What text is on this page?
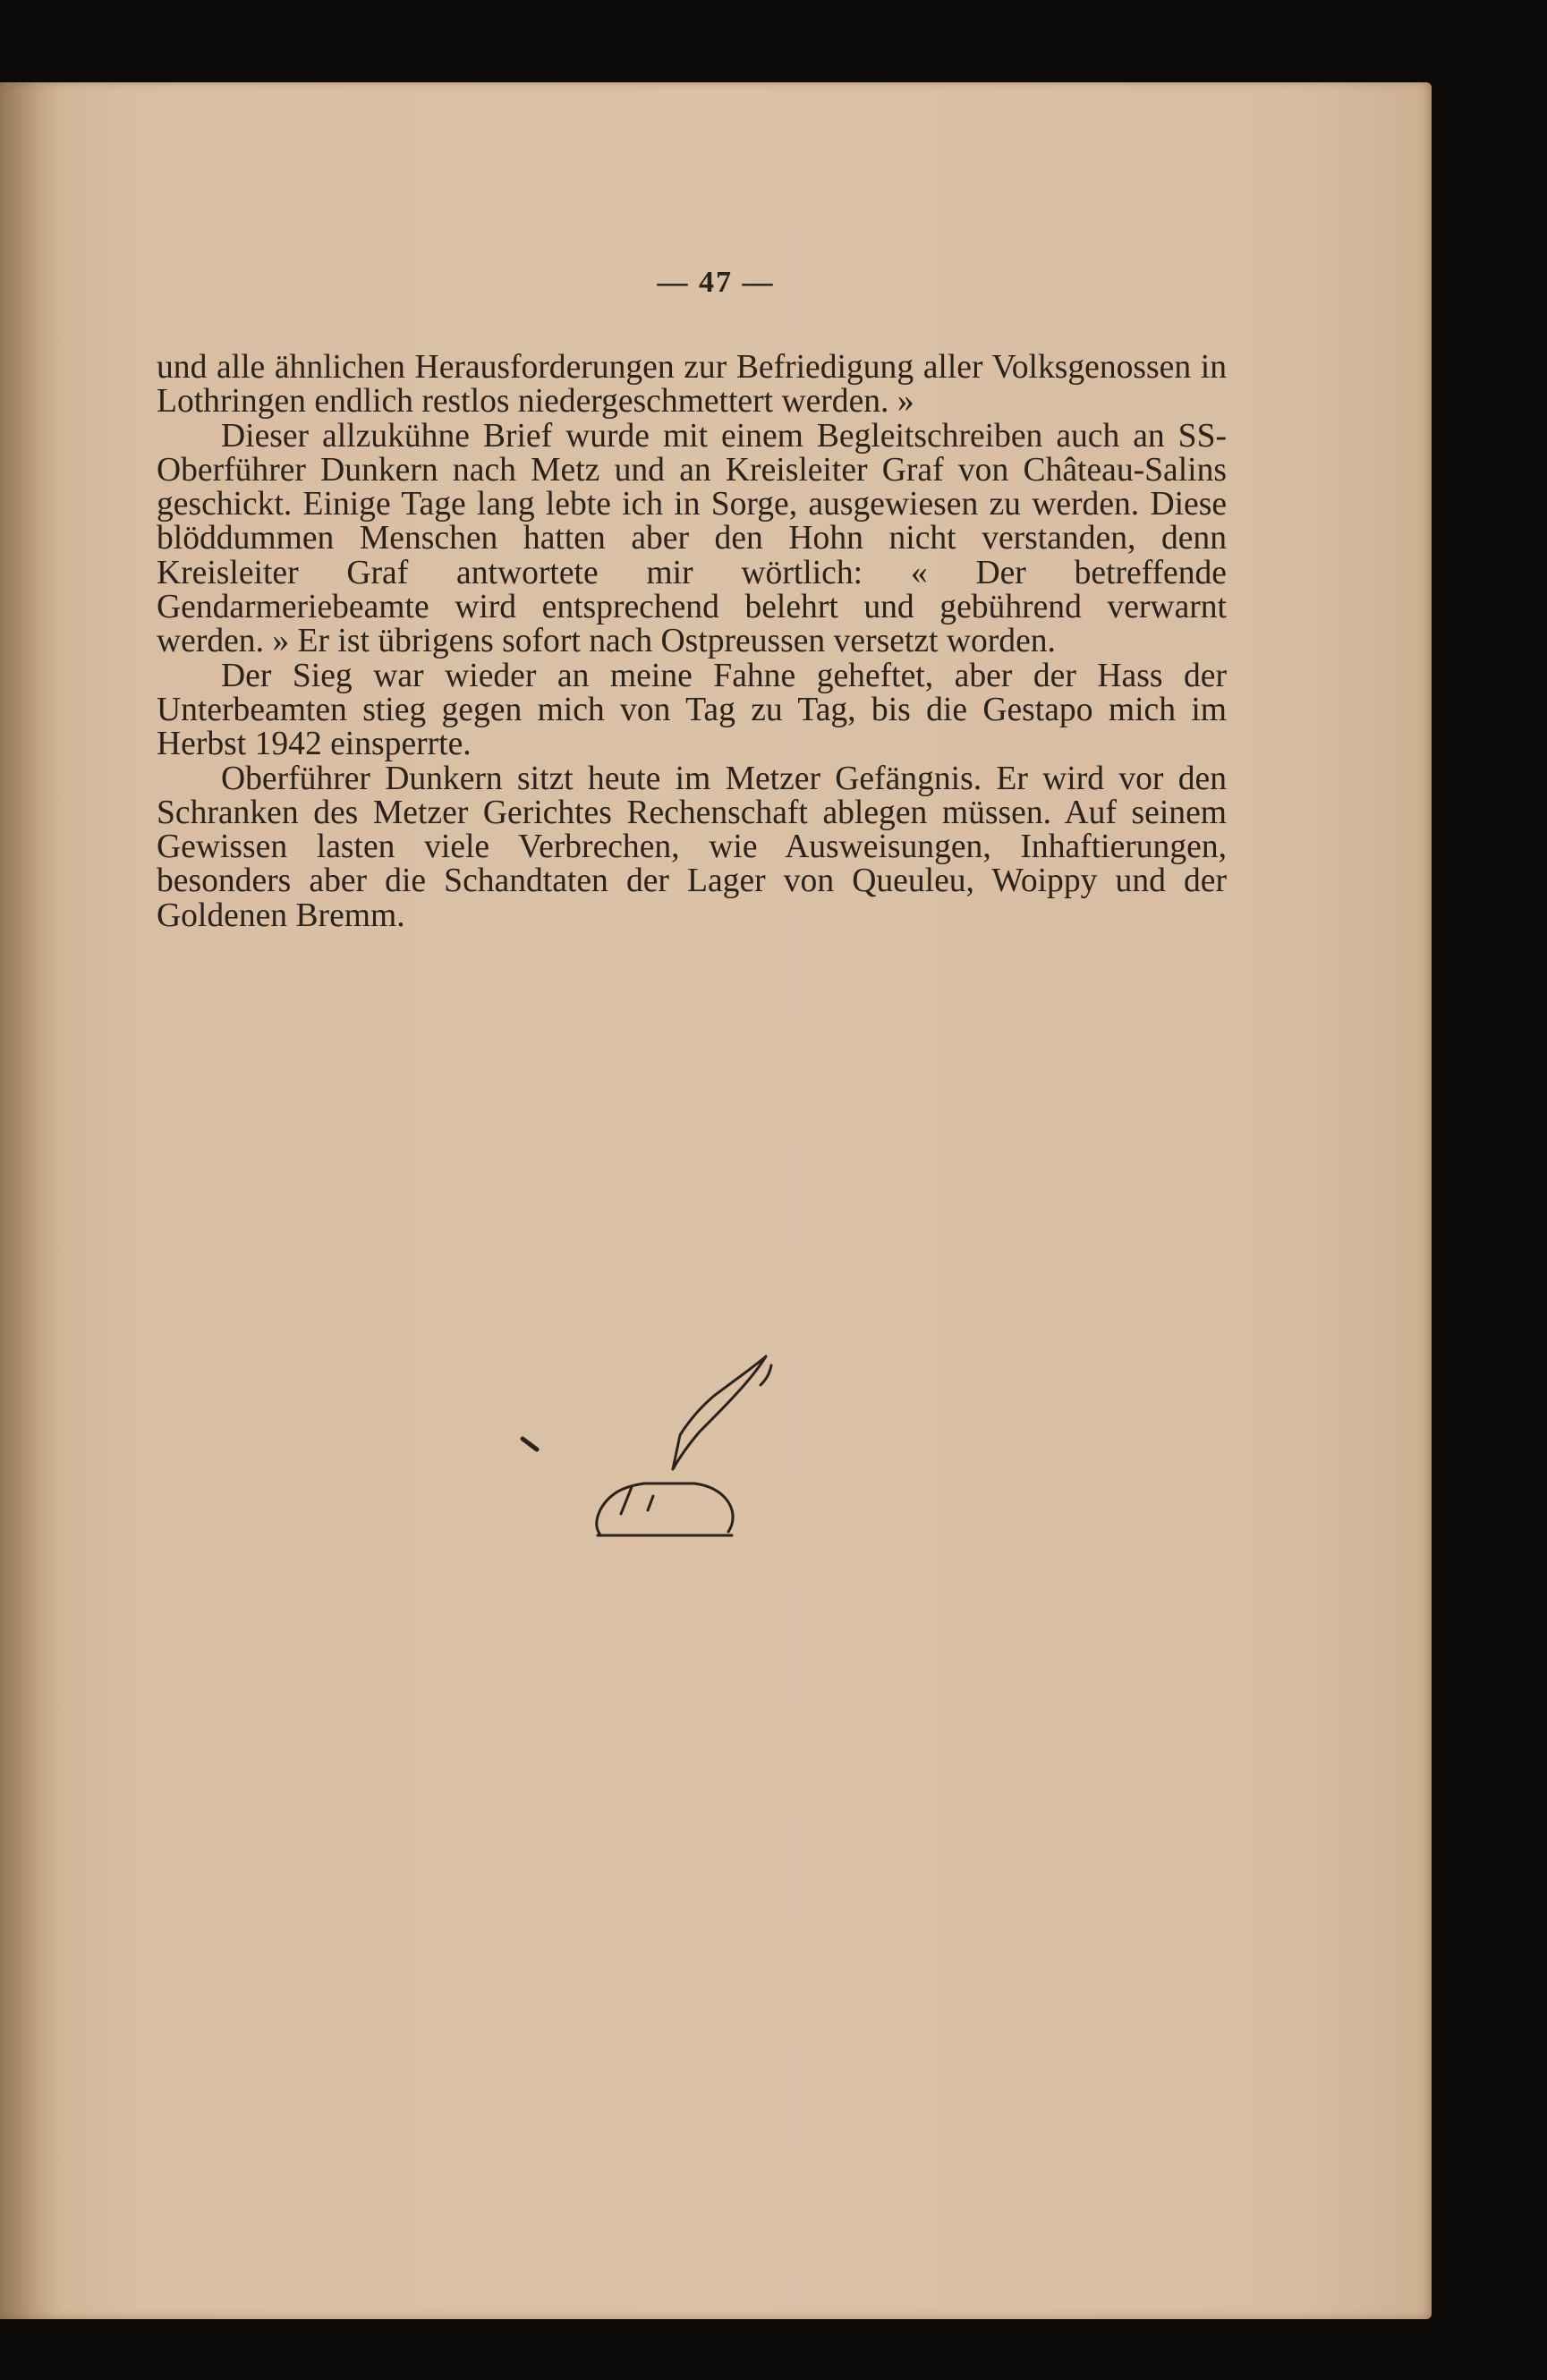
— 47 —

und alle ähnlichen Herausforderungen zur Befriedigung aller Volksgenossen in Lothringen endlich restlos niedergeschmettert werden. »

Dieser allzukühne Brief wurde mit einem Begleitschreiben auch an SS-Oberführer Dunkern nach Metz und an Kreisleiter Graf von Château-Salins geschickt. Einige Tage lang lebte ich in Sorge, ausgewiesen zu werden. Diese blöddummen Menschen hatten aber den Hohn nicht verstanden, denn Kreisleiter Graf antwortete mir wörtlich: « Der betreffende Gendarmeriebeamte wird entsprechend belehrt und gebührend verwarnt werden. » Er ist übrigens sofort nach Ostpreussen versetzt worden.

Der Sieg war wieder an meine Fahne geheftet, aber der Hass der Unterbeamten stieg gegen mich von Tag zu Tag, bis die Gestapo mich im Herbst 1942 einsperrte.

Oberführer Dunkern sitzt heute im Metzer Gefängnis. Er wird vor den Schranken des Metzer Gerichtes Rechenschaft ablegen müssen. Auf seinem Gewissen lasten viele Verbrechen, wie Ausweisungen, Inhaftierungen, besonders aber die Schandtaten der Lager von Queuleu, Woippy und der Goldenen Bremm.
